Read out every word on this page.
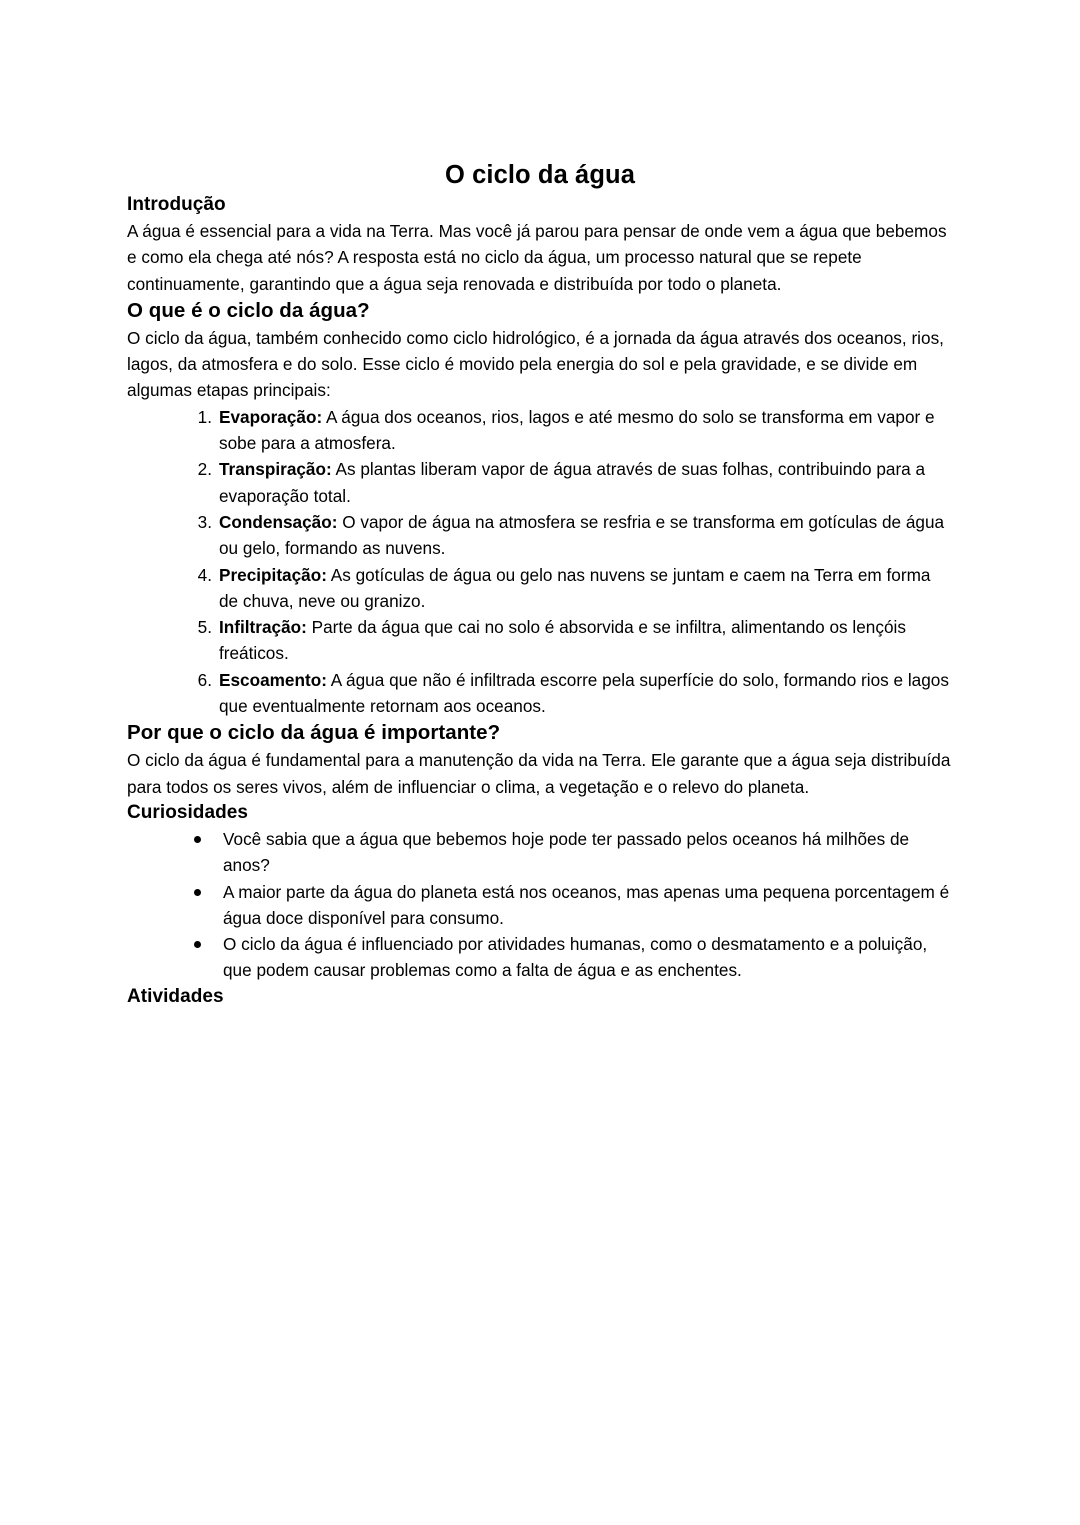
O ciclo da água
Introdução

A água é essencial para a vida na Terra. Mas você já parou para pensar de onde vem a água que bebemos e como ela chega até nós? A resposta está no ciclo da água, um processo natural que se repete continuamente, garantindo que a água seja renovada e distribuída por todo o planeta.

O que é o ciclo da água?

O ciclo da água, também conhecido como ciclo hidrológico, é a jornada da água através dos oceanos, rios, lagos, da atmosfera e do solo. Esse ciclo é movido pela energia do sol e pela gravidade, e se divide em algumas etapas principais:

Evaporação: A água dos oceanos, rios, lagos e até mesmo do solo se transforma em vapor e sobe para a atmosfera.
Transpiração: As plantas liberam vapor de água através de suas folhas, contribuindo para a evaporação total.
Condensação: O vapor de água na atmosfera se resfria e se transforma em gotículas de água ou gelo, formando as nuvens.
Precipitação: As gotículas de água ou gelo nas nuvens se juntam e caem na Terra em forma de chuva, neve ou granizo.
Infiltração: Parte da água que cai no solo é absorvida e se infiltra, alimentando os lençóis freáticos.
Escoamento: A água que não é infiltrada escorre pela superfície do solo, formando rios e lagos que eventualmente retornam aos oceanos.
Por que o ciclo da água é importante?

O ciclo da água é fundamental para a manutenção da vida na Terra. Ele garante que a água seja distribuída para todos os seres vivos, além de influenciar o clima, a vegetação e o relevo do planeta.

Curiosidades
Você sabia que a água que bebemos hoje pode ter passado pelos oceanos há milhões de anos?
A maior parte da água do planeta está nos oceanos, mas apenas uma pequena porcentagem é água doce disponível para consumo.
O ciclo da água é influenciado por atividades humanas, como o desmatamento e a poluição, que podem causar problemas como a falta de água e as enchentes.
Atividades
